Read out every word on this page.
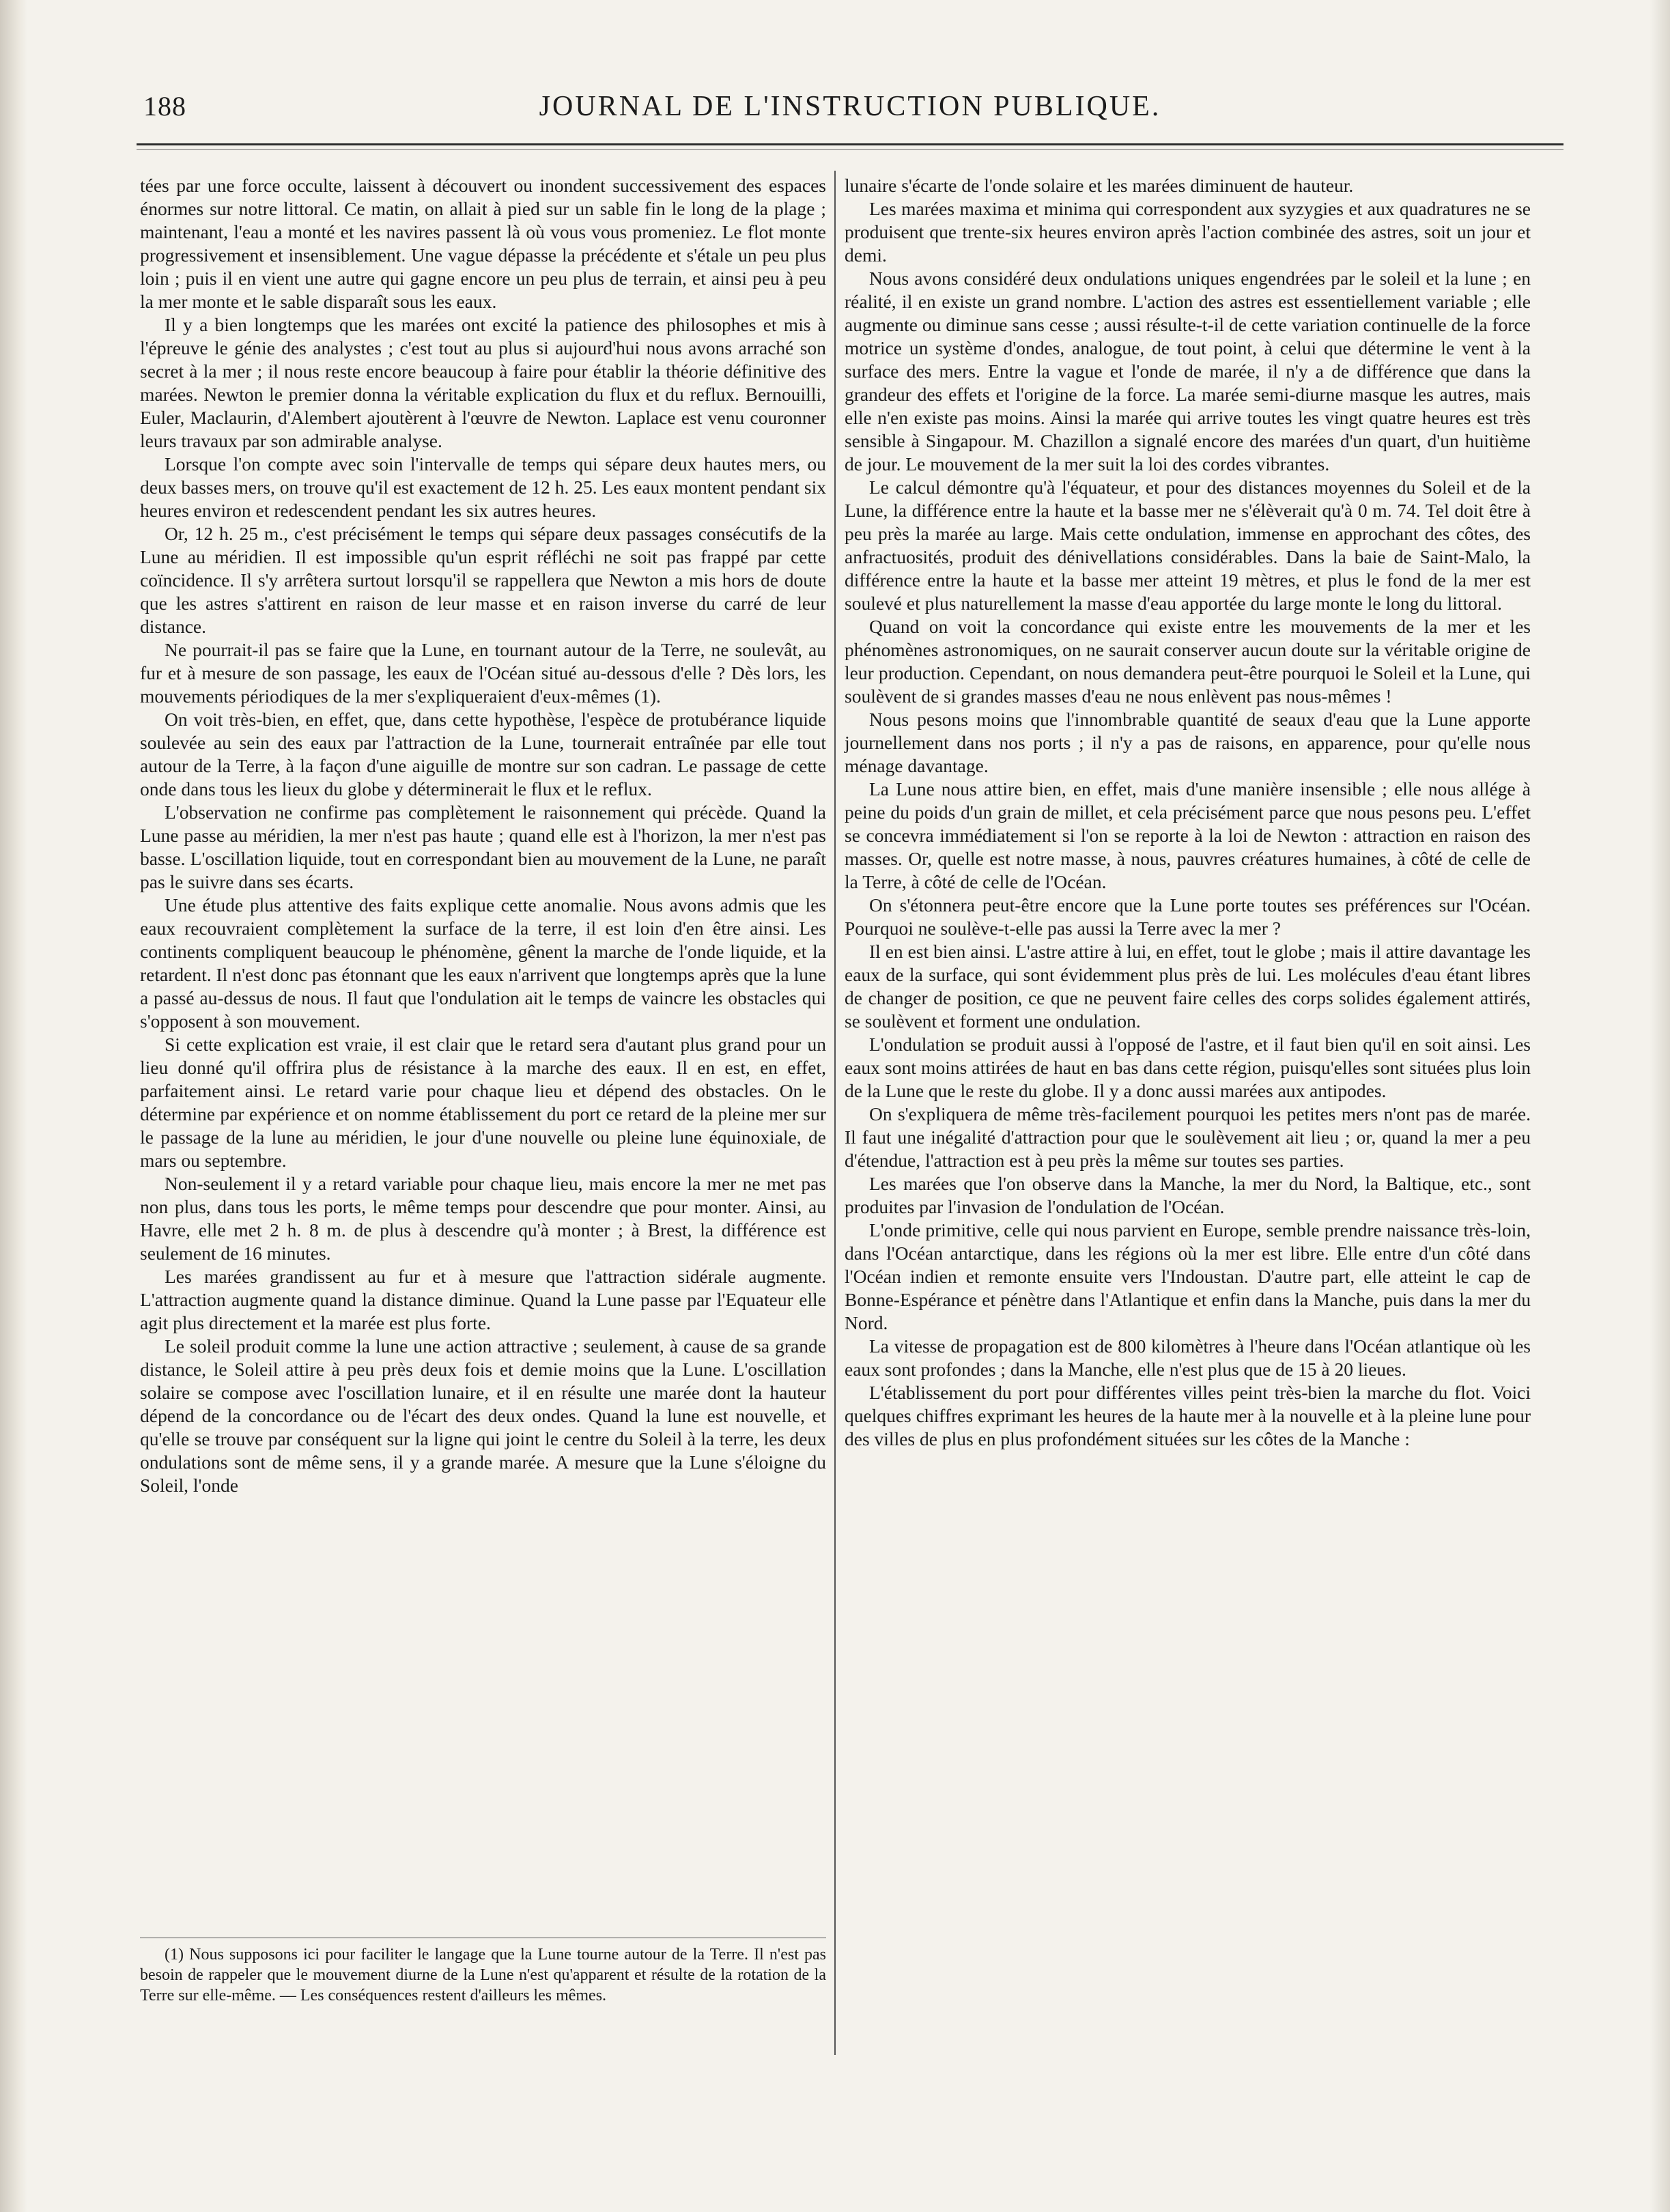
188	JOURNAL DE L'INSTRUCTION PUBLIQUE.

tées par une force occulte, laissent à découvert ou inondent successivement des espaces énormes sur notre littoral. Ce matin, on allait à pied sur un sable fin le long de la plage ; maintenant, l'eau a monté et les navires passent là où vous vous promeniez. Le flot monte progressivement et insensiblement. Une vague dépasse la précédente et s'étale un peu plus loin ; puis il en vient une autre qui gagne encore un peu plus de terrain, et ainsi peu à peu la mer monte et le sable disparaît sous les eaux.

Il y a bien longtemps que les marées ont excité la patience des philosophes et mis à l'épreuve le génie des analystes ; c'est tout au plus si aujourd'hui nous avons arraché son secret à la mer ; il nous reste encore beaucoup à faire pour établir la théorie définitive des marées. Newton le premier donna la véritable explication du flux et du reflux. Bernouilli, Euler, Maclaurin, d'Alembert ajoutèrent à l'œuvre de Newton. Laplace est venu couronner leurs travaux par son admirable analyse.

Lorsque l'on compte avec soin l'intervalle de temps qui sépare deux hautes mers, ou deux basses mers, on trouve qu'il est exactement de 12 h. 25. Les eaux montent pendant six heures environ et redescendent pendant les six autres heures.

Or, 12 h. 25 m., c'est précisément le temps qui sépare deux passages consécutifs de la Lune au méridien. Il est impossible qu'un esprit réfléchi ne soit pas frappé par cette coïncidence. Il s'y arrêtera surtout lorsqu'il se rappellera que Newton a mis hors de doute que les astres s'attirent en raison de leur masse et en raison inverse du carré de leur distance.

Ne pourrait-il pas se faire que la Lune, en tournant autour de la Terre, ne soulevât, au fur et à mesure de son passage, les eaux de l'Océan situé au-dessous d'elle ? Dès lors, les mouvements périodiques de la mer s'expliqueraient d'eux-mêmes (1).

On voit très-bien, en effet, que, dans cette hypothèse, l'espèce de protubérance liquide soulevée au sein des eaux par l'attraction de la Lune, tournerait entraînée par elle tout autour de la Terre, à la façon d'une aiguille de montre sur son cadran. Le passage de cette onde dans tous les lieux du globe y déterminerait le flux et le reflux.

L'observation ne confirme pas complètement le raisonnement qui précède. Quand la Lune passe au méridien, la mer n'est pas haute ; quand elle est à l'horizon, la mer n'est pas basse. L'oscillation liquide, tout en correspondant bien au mouvement de la Lune, ne paraît pas le suivre dans ses écarts.

Une étude plus attentive des faits explique cette anomalie. Nous avons admis que les eaux recouvraient complètement la surface de la terre, il est loin d'en être ainsi. Les continents compliquent beaucoup le phénomène, gênent la marche de l'onde liquide, et la retardent. Il n'est donc pas étonnant que les eaux n'arrivent que longtemps après que la lune a passé au-dessus de nous. Il faut que l'ondulation ait le temps de vaincre les obstacles qui s'opposent à son mouvement.

Si cette explication est vraie, il est clair que le retard sera d'autant plus grand pour un lieu donné qu'il offrira plus de résistance à la marche des eaux. Il en est, en effet, parfaitement ainsi. Le retard varie pour chaque lieu et dépend des obstacles. On le détermine par expérience et on nomme établissement du port ce retard de la pleine mer sur le passage de la lune au méridien, le jour d'une nouvelle ou pleine lune équinoxiale, de mars ou septembre.

Non-seulement il y a retard variable pour chaque lieu, mais encore la mer ne met pas non plus, dans tous les ports, le même temps pour descendre que pour monter. Ainsi, au Havre, elle met 2 h. 8 m. de plus à descendre qu'à monter ; à Brest, la différence est seulement de 16 minutes.

Les marées grandissent au fur et à mesure que l'attraction sidérale augmente. L'attraction augmente quand la distance diminue. Quand la Lune passe par l'Equateur elle agit plus directement et la marée est plus forte.

Le soleil produit comme la lune une action attractive ; seulement, à cause de sa grande distance, le Soleil attire à peu près deux fois et demie moins que la Lune. L'oscillation solaire se compose avec l'oscillation lunaire, et il en résulte une marée dont la hauteur dépend de la concordance ou de l'écart des deux ondes. Quand la lune est nouvelle, et qu'elle se trouve par conséquent sur la ligne qui joint le centre du Soleil à la terre, les deux ondulations sont de même sens, il y a grande marée. A mesure que la Lune s'éloigne du Soleil, l'onde

lunaire s'écarte de l'onde solaire et les marées diminuent de hauteur.

Les marées maxima et minima qui correspondent aux syzygies et aux quadratures ne se produisent que trente-six heures environ après l'action combinée des astres, soit un jour et demi.

Nous avons considéré deux ondulations uniques engendrées par le soleil et la lune ; en réalité, il en existe un grand nombre. L'action des astres est essentiellement variable ; elle augmente ou diminue sans cesse ; aussi résulte-t-il de cette variation continuelle de la force motrice un système d'ondes, analogue, de tout point, à celui que détermine le vent à la surface des mers. Entre la vague et l'onde de marée, il n'y a de différence que dans la grandeur des effets et l'origine de la force. La marée semi-diurne masque les autres, mais elle n'en existe pas moins. Ainsi la marée qui arrive toutes les vingt quatre heures est très sensible à Singapour. M. Chazillon a signalé encore des marées d'un quart, d'un huitième de jour. Le mouvement de la mer suit la loi des cordes vibrantes.

Le calcul démontre qu'à l'équateur, et pour des distances moyennes du Soleil et de la Lune, la différence entre la haute et la basse mer ne s'élèverait qu'à 0 m. 74. Tel doit être à peu près la marée au large. Mais cette ondulation, immense en approchant des côtes, des anfractuosités, produit des dénivellations considérables. Dans la baie de Saint-Malo, la différence entre la haute et la basse mer atteint 19 mètres, et plus le fond de la mer est soulevé et plus naturellement la masse d'eau apportée du large monte le long du littoral.

Quand on voit la concordance qui existe entre les mouvements de la mer et les phénomènes astronomiques, on ne saurait conserver aucun doute sur la véritable origine de leur production. Cependant, on nous demandera peut-être pourquoi le Soleil et la Lune, qui soulèvent de si grandes masses d'eau ne nous enlèvent pas nous-mêmes !

Nous pesons moins que l'innombrable quantité de seaux d'eau que la Lune apporte journellement dans nos ports ; il n'y a pas de raisons, en apparence, pour qu'elle nous ménage davantage.

La Lune nous attire bien, en effet, mais d'une manière insensible ; elle nous allége à peine du poids d'un grain de millet, et cela précisément parce que nous pesons peu. L'effet se concevra immédiatement si l'on se reporte à la loi de Newton : attraction en raison des masses. Or, quelle est notre masse, à nous, pauvres créatures humaines, à côté de celle de la Terre, à côté de celle de l'Océan.

On s'étonnera peut-être encore que la Lune porte toutes ses préférences sur l'Océan. Pourquoi ne soulève-t-elle pas aussi la Terre avec la mer ?

Il en est bien ainsi. L'astre attire à lui, en effet, tout le globe ; mais il attire davantage les eaux de la surface, qui sont évidemment plus près de lui. Les molécules d'eau étant libres de changer de position, ce que ne peuvent faire celles des corps solides également attirés, se soulèvent et forment une ondulation.

L'ondulation se produit aussi à l'opposé de l'astre, et il faut bien qu'il en soit ainsi. Les eaux sont moins attirées de haut en bas dans cette région, puisqu'elles sont situées plus loin de la Lune que le reste du globe. Il y a donc aussi marées aux antipodes.

On s'expliquera de même très-facilement pourquoi les petites mers n'ont pas de marée. Il faut une inégalité d'attraction pour que le soulèvement ait lieu ; or, quand la mer a peu d'étendue, l'attraction est à peu près la même sur toutes ses parties.

Les marées que l'on observe dans la Manche, la mer du Nord, la Baltique, etc., sont produites par l'invasion de l'ondulation de l'Océan.

L'onde primitive, celle qui nous parvient en Europe, semble prendre naissance très-loin, dans l'Océan antarctique, dans les régions où la mer est libre. Elle entre d'un côté dans l'Océan indien et remonte ensuite vers l'Indoustan. D'autre part, elle atteint le cap de Bonne-Espérance et pénètre dans l'Atlantique et enfin dans la Manche, puis dans la mer du Nord.

La vitesse de propagation est de 800 kilomètres à l'heure dans l'Océan atlantique où les eaux sont profondes ; dans la Manche, elle n'est plus que de 15 à 20 lieues.

L'établissement du port pour différentes villes peint très-bien la marche du flot. Voici quelques chiffres exprimant les heures de la haute mer à la nouvelle et à la pleine lune pour des villes de plus en plus profondément situées sur les côtes de la Manche :

(1) Nous supposons ici pour faciliter le langage que la Lune tourne autour de la Terre. Il n'est pas besoin de rappeler que le mouvement diurne de la Lune n'est qu'apparent et résulte de la rotation de la Terre sur elle-même. — Les conséquences restent d'ailleurs les mêmes.
